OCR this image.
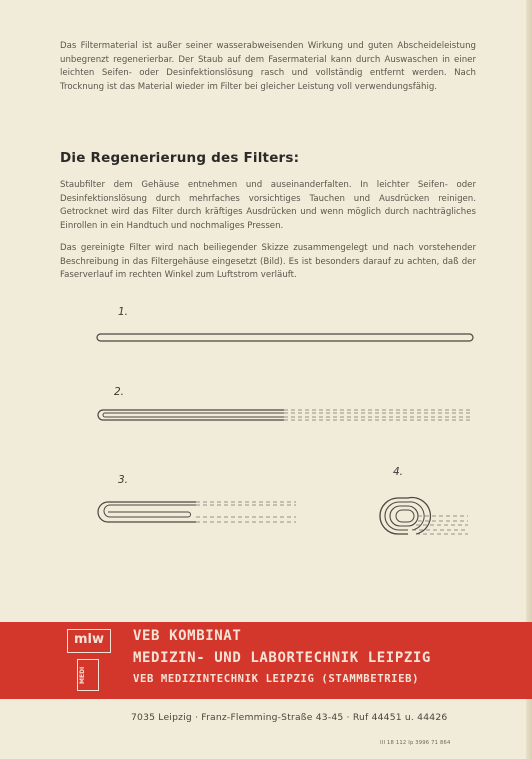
Das Filtermaterial ist außer seiner wasserabweisenden Wirkung und guten Abscheideleistung unbegrenzt regenerierbar. Der Staub auf dem Fasermaterial kann durch Auswaschen in einer leichten Seifen- oder Desinfektionslösung rasch und vollständig entfernt werden. Nach Trocknung ist das Material wieder im Filter bei gleicher Leistung voll verwendungsfähig.

Die Regenerierung des Filters:

Staubfilter dem Gehäuse entnehmen und auseinanderfalten. In leichter Seifen- oder Desinfektionslösung durch mehrfaches vorsichtiges Tauchen und Ausdrücken reinigen. Getrocknet wird das Filter durch kräftiges Ausdrücken und wenn möglich durch nachträgliches Einrollen in ein Handtuch und nochmaliges Pressen.

Das gereinigte Filter wird nach beiliegender Skizze zusammengelegt und nach vorstehender Beschreibung in das Filtergehäuse eingesetzt (Bild). Es ist besonders darauf zu achten, daß der Faserverlauf im rechten Winkel zum Luftstrom verläuft.

1.
2.
3.
4.
mlw
MEDI
VEB KOMBINAT
MEDIZIN- UND LABORTECHNIK LEIPZIG
VEB MEDIZINTECHNIK LEIPZIG (STAMMBETRIEB)
7035 Leipzig · Franz-Flemming-Straße 43-45 · Ruf 44451 u. 44426
III 18 112 Ip 3996 71 864
